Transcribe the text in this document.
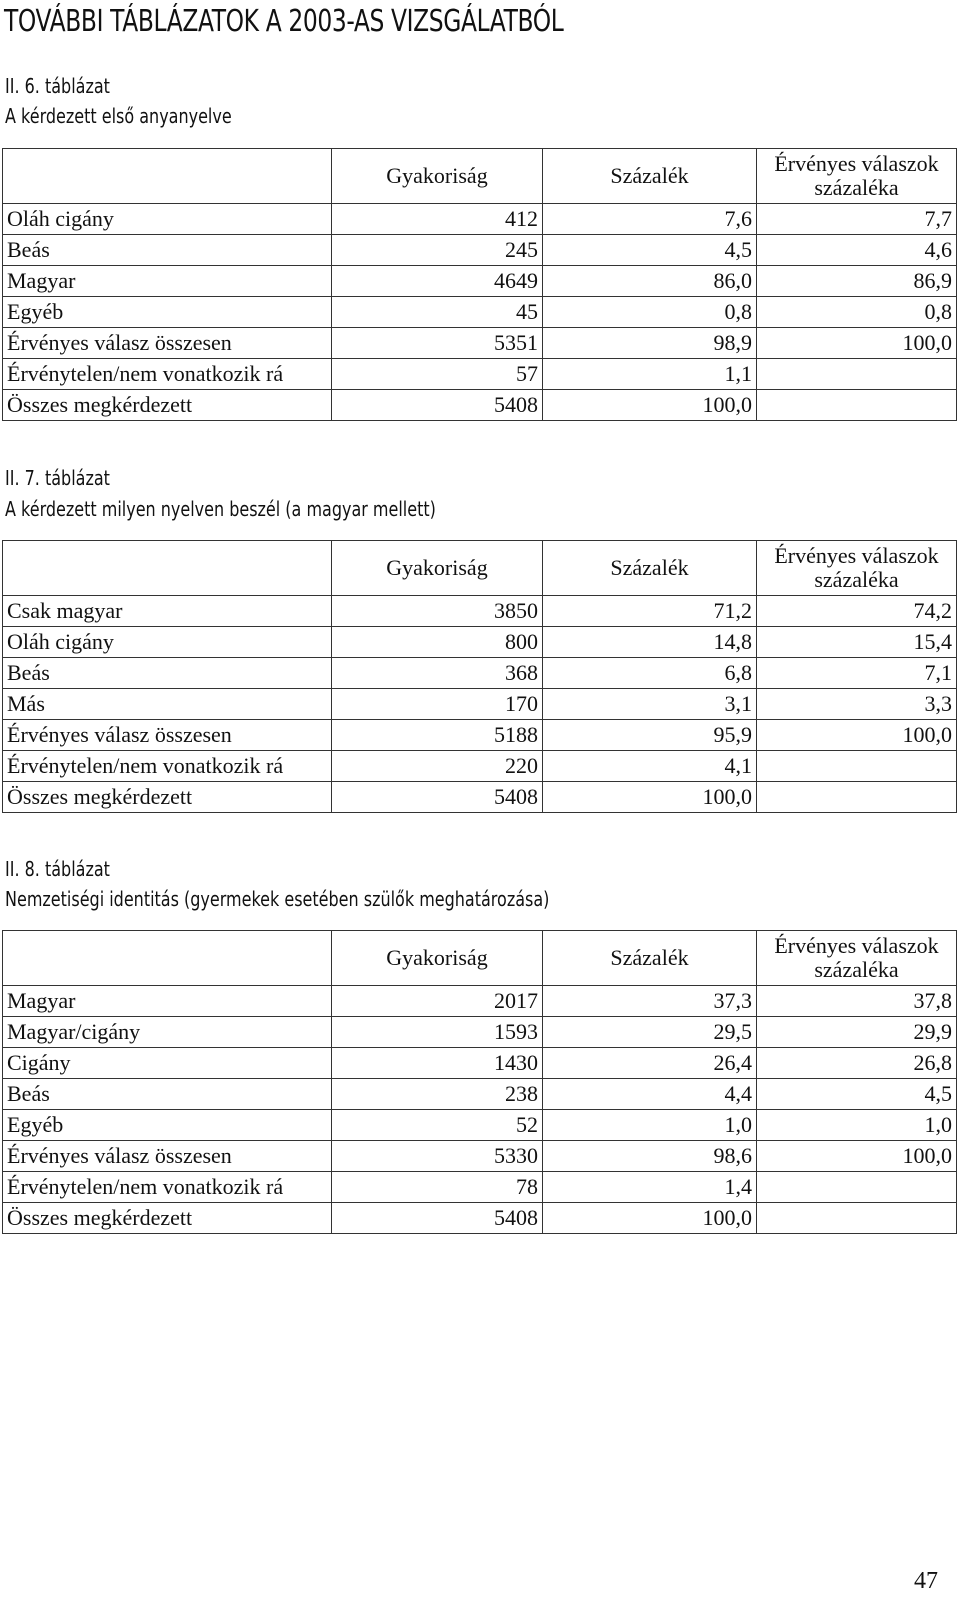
TOVÁBBI TÁBLÁZATOK A 2003-AS VIZSGÁLATBÓL
II. 6. táblázat
A kérdezett első anyanyelve
	Gyakoriság	Százalék	Érvényes válaszok
százaléka
Oláh cigány	412	7,6	7,7
Beás	245	4,5	4,6
Magyar	4649	86,0	86,9
Egyéb	45	0,8	0,8
Érvényes válasz összesen	5351	98,9	100,0
Érvénytelen/nem vonatkozik rá	57	1,1	
Összes megkérdezett	5408	100,0	
II. 7. táblázat
A kérdezett milyen nyelven beszél (a magyar mellett)
	Gyakoriság	Százalék	Érvényes válaszok
százaléka
Csak magyar	3850	71,2	74,2
Oláh cigány	800	14,8	15,4
Beás	368	6,8	7,1
Más	170	3,1	3,3
Érvényes válasz összesen	5188	95,9	100,0
Érvénytelen/nem vonatkozik rá	220	4,1	
Összes megkérdezett	5408	100,0	
II. 8. táblázat
Nemzetiségi identitás (gyermekek esetében szülők meghatározása)
	Gyakoriság	Százalék	Érvényes válaszok
százaléka
Magyar	2017	37,3	37,8
Magyar/cigány	1593	29,5	29,9
Cigány	1430	26,4	26,8
Beás	238	4,4	4,5
Egyéb	52	1,0	1,0
Érvényes válasz összesen	5330	98,6	100,0
Érvénytelen/nem vonatkozik rá	78	1,4	
Összes megkérdezett	5408	100,0	
47
